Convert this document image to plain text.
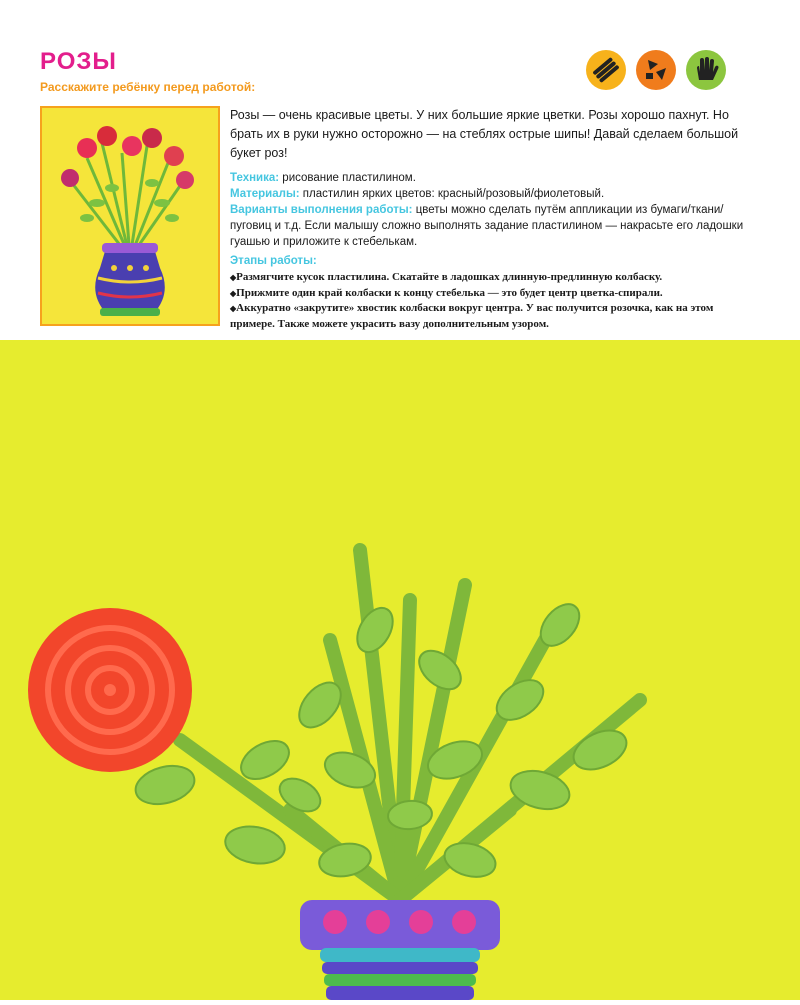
РОЗЫ

Расскажите ребёнку перед работой:

Розы — очень красивые цветы. У них большие яркие цветки. Розы хорошо пахнут. Но брать их в руки нужно осторожно — на стеблях острые шипы! Давай сделаем большой букет роз!

Техника: рисование пластилином.

Материалы: пластилин ярких цветов: красный/розовый/фиолетовый.

Варианты выполнения работы: цветы можно сделать путём аппликации из бумаги/ткани/пуговиц и т.д. Если малышу сложно выполнять задание пластилином — накрасьте его ладошки гуашью и приложите к стебелькам.

Этапы работы:

◆ Размягчите кусок пластилина. Скатайте в ладошках длинную-предлинную колбаску.
◆ Прижмите один край колбаски к концу стебелька — это будет центр цветка-спирали.
◆ Аккуратно «закрутите» хвостик колбаски вокруг центра. У вас получится розочка, как на этом примере. Также можете украсить вазу дополнительным узором.
